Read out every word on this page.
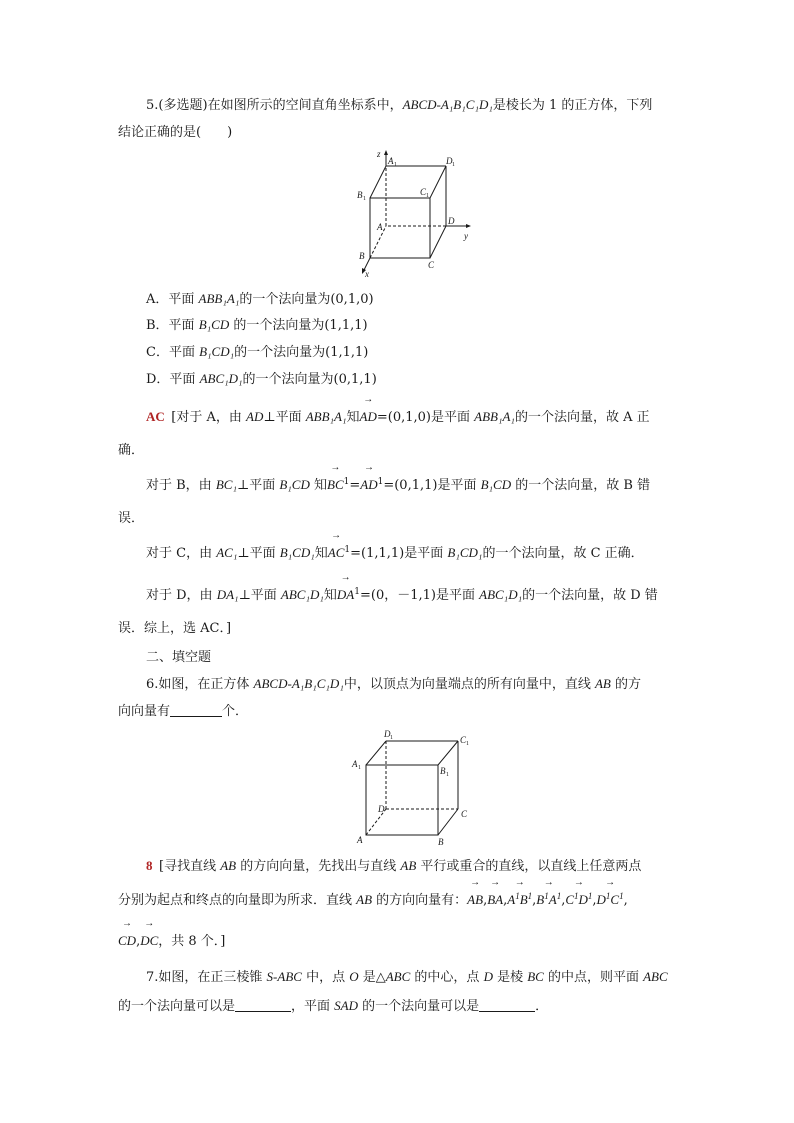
5.(多选题)在如图所示的空间直角坐标系中，ABCD-A₁B₁C₁D₁是棱长为 1 的正方体，下列
结论正确的是(　　)
z
A 1	D 1
B 1
C 1
A
D
B
C
x
y
A．平面 ABB₁A₁的一个法向量为(0,1,0)
B．平面 B₁CD 的一个法向量为(1,1,1)
C．平面 B₁CD₁的一个法向量为(1,1,1)
D．平面 ABC₁D₁的一个法向量为(0,1,1)
AC  [对于 A，由 AD⊥平面 ABB₁A₁知→ AD=(0,1,0)是平面 ABB₁A₁的一个法向量，故 A 正
确．
对于 B，由 BC₁⊥平面 B₁CD 知→ $BC^1=\to AD^1=(0,1,1)$是平面 B₁CD 的一个法向量，故 B 错
误．
对于 C，由 AC₁⊥平面 B₁CD₁知→ $AC^1=(1,1,1)$是平面 B₁CD₁的一个法向量，故 C 正确．
对于 D，由 DA₁⊥平面 ABC₁D₁知→ $DA^1=(0$，－1,1)是平面 ABC₁D₁的一个法向量，故 D 错
误．综上，选 AC．]
二、填空题
6.如图，在正方体 ABCD-A₁B₁C₁D₁中，以顶点为向量端点的所有向量中，直线 AB 的方
向向量有	个．
D 1	C 1
A 1	B 1
D	C
A	B
8  [寻找直线 AB 的方向向量，先找出与直线 AB 平行或重合的直线，以直线上任意两点
分别为起点和终点的向量即为所求．直线 AB 的方向向量有：→ $AB,\to BA,\to A^1B^1,\to B^1A^1,\to C^1D^1,\to D^1C^1$,
→ CD,→ DC，共 8 个．]
7.如图，在正三棱锥 S-ABC 中，点 O 是△ABC 的中心，点 D 是棱 BC 的中点，则平面 ABC
的一个法向量可以是	，平面 SAD 的一个法向量可以是	．
